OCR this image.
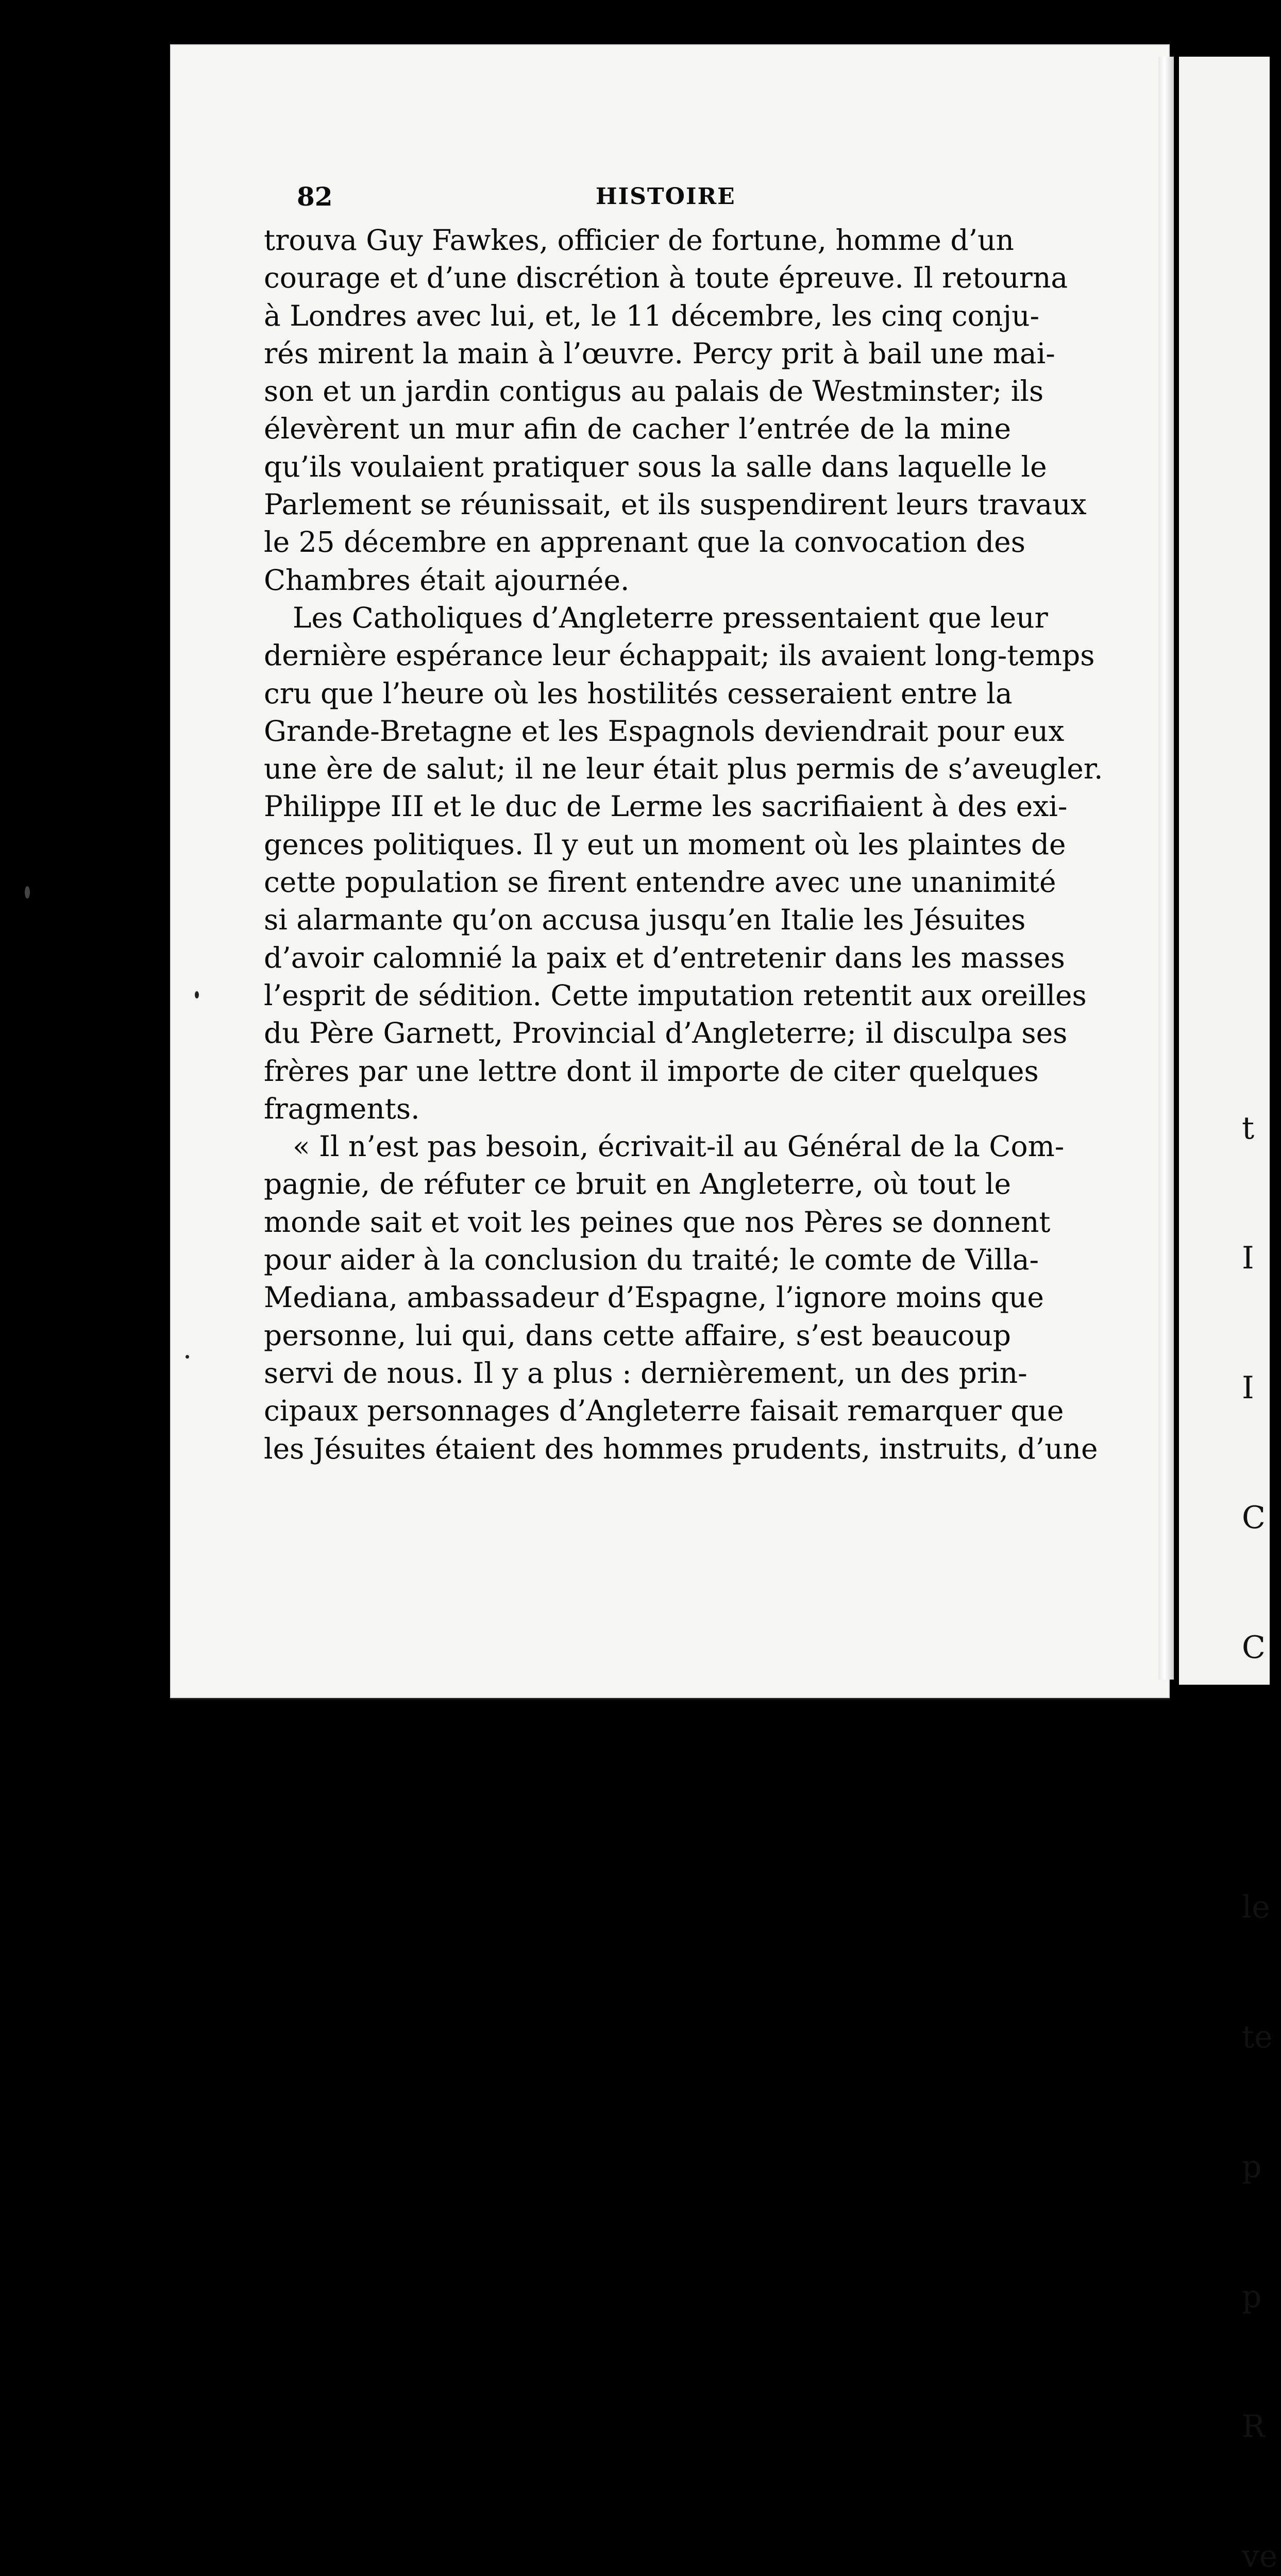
t

I

I

C

C

le

te

p

p

R

ve

82	HISTOIRE
trouva Guy Fawkes, officier de fortune, homme d’un
courage et d’une discrétion à toute épreuve. Il retourna
à Londres avec lui, et, le 11 décembre, les cinq conju-
rés mirent la main à l’œuvre. Percy prit à bail une mai-
son et un jardin contigus au palais de Westminster; ils
élevèrent un mur afin de cacher l’entrée de la mine
qu’ils voulaient pratiquer sous la salle dans laquelle le
Parlement se réunissait, et ils suspendirent leurs travaux
le 25 décembre en apprenant que la convocation des
Chambres était ajournée.
Les Catholiques d’Angleterre pressentaient que leur
dernière espérance leur échappait; ils avaient long-temps
cru que l’heure où les hostilités cesseraient entre la
Grande-Bretagne et les Espagnols deviendrait pour eux
une ère de salut; il ne leur était plus permis de s’aveugler.
Philippe III et le duc de Lerme les sacrifiaient à des exi-
gences politiques. Il y eut un moment où les plaintes de
cette population se firent entendre avec une unanimité
si alarmante qu’on accusa jusqu’en Italie les Jésuites
d’avoir calomnié la paix et d’entretenir dans les masses
l’esprit de sédition. Cette imputation retentit aux oreilles
du Père Garnett, Provincial d’Angleterre; il disculpa ses
frères par une lettre dont il importe de citer quelques
fragments.
« Il n’est pas besoin, écrivait-il au Général de la Com-
pagnie, de réfuter ce bruit en Angleterre, où tout le
monde sait et voit les peines que nos Pères se donnent
pour aider à la conclusion du traité; le comte de Villa-
Mediana, ambassadeur d’Espagne, l’ignore moins que
personne, lui qui, dans cette affaire, s’est beaucoup
servi de nous. Il y a plus : dernièrement, un des prin-
cipaux personnages d’Angleterre faisait remarquer que
les Jésuites étaient des hommes prudents, instruits, d’une
